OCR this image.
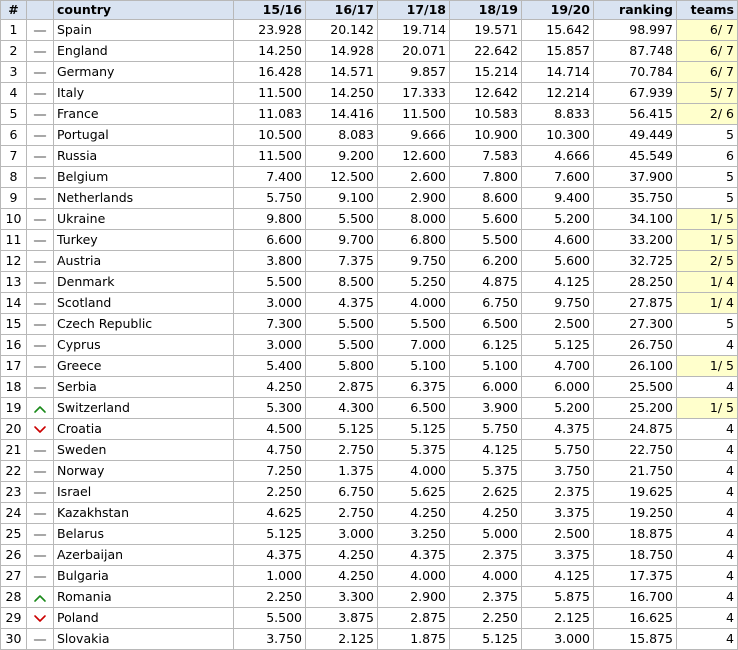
#		country	15/16	16/17	17/18	18/19	19/20	ranking	teams
1		Spain	23.928	20.142	19.714	19.571	15.642	98.997	6/ 7
2		England	14.250	14.928	20.071	22.642	15.857	87.748	6/ 7
3		Germany	16.428	14.571	9.857	15.214	14.714	70.784	6/ 7
4		Italy	11.500	14.250	17.333	12.642	12.214	67.939	5/ 7
5		France	11.083	14.416	11.500	10.583	8.833	56.415	2/ 6
6		Portugal	10.500	8.083	9.666	10.900	10.300	49.449	5
7		Russia	11.500	9.200	12.600	7.583	4.666	45.549	6
8		Belgium	7.400	12.500	2.600	7.800	7.600	37.900	5
9		Netherlands	5.750	9.100	2.900	8.600	9.400	35.750	5
10		Ukraine	9.800	5.500	8.000	5.600	5.200	34.100	1/ 5
11		Turkey	6.600	9.700	6.800	5.500	4.600	33.200	1/ 5
12		Austria	3.800	7.375	9.750	6.200	5.600	32.725	2/ 5
13		Denmark	5.500	8.500	5.250	4.875	4.125	28.250	1/ 4
14		Scotland	3.000	4.375	4.000	6.750	9.750	27.875	1/ 4
15		Czech Republic	7.300	5.500	5.500	6.500	2.500	27.300	5
16		Cyprus	3.000	5.500	7.000	6.125	5.125	26.750	4
17		Greece	5.400	5.800	5.100	5.100	4.700	26.100	1/ 5
18		Serbia	4.250	2.875	6.375	6.000	6.000	25.500	4
19		Switzerland	5.300	4.300	6.500	3.900	5.200	25.200	1/ 5
20		Croatia	4.500	5.125	5.125	5.750	4.375	24.875	4
21		Sweden	4.750	2.750	5.375	4.125	5.750	22.750	4
22		Norway	7.250	1.375	4.000	5.375	3.750	21.750	4
23		Israel	2.250	6.750	5.625	2.625	2.375	19.625	4
24		Kazakhstan	4.625	2.750	4.250	4.250	3.375	19.250	4
25		Belarus	5.125	3.000	3.250	5.000	2.500	18.875	4
26		Azerbaijan	4.375	4.250	4.375	2.375	3.375	18.750	4
27		Bulgaria	1.000	4.250	4.000	4.000	4.125	17.375	4
28		Romania	2.250	3.300	2.900	2.375	5.875	16.700	4
29		Poland	5.500	3.875	2.875	2.250	2.125	16.625	4
30		Slovakia	3.750	2.125	1.875	5.125	3.000	15.875	4
